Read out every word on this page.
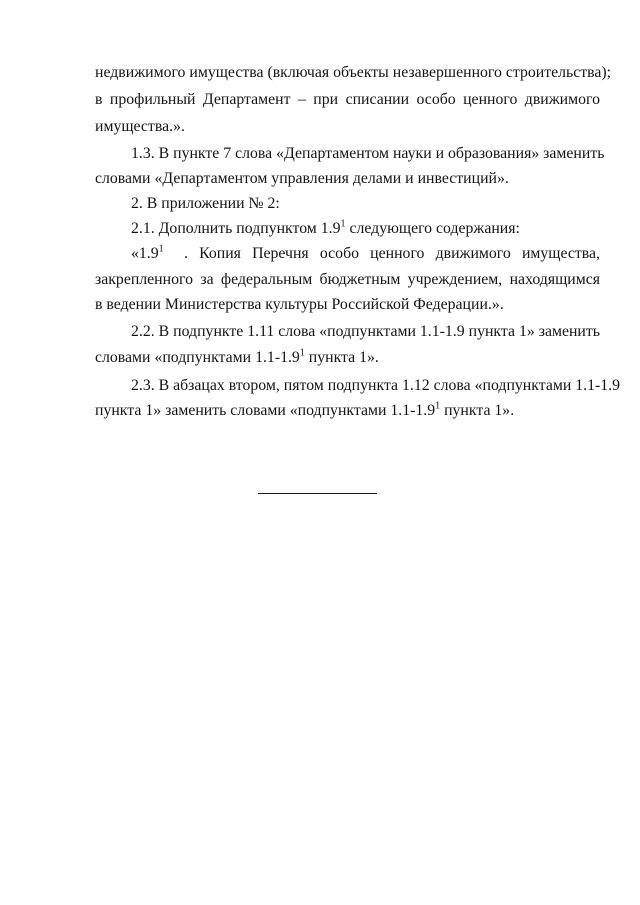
недвижимого имущества (включая объекты незавершенного строительства);
в профильный Департамент – при списании особо ценного движимого
имущества.».
1.3. В пункте 7 слова «Департаментом науки и образования» заменить
словами «Департаментом управления делами и инвестиций».
2. В приложении № 2:
2.1. Дополнить подпунктом $1.9^1$ следующего содержания:
«$1.9^1$ . Копия Перечня особо ценного движимого имущества,
закрепленного за федеральным бюджетным учреждением, находящимся
в ведении Министерства культуры Российской Федерации.».
2.2. В подпункте 1.11 слова «подпунктами 1.1-1.9 пункта 1» заменить
словами «подпунктами $1.1-1.9^1$ пункта 1».
2.3. В абзацах втором, пятом подпункта 1.12 слова «подпунктами 1.1-1.9
пункта 1» заменить словами «подпунктами $1.1-1.9^1$ пункта 1».
